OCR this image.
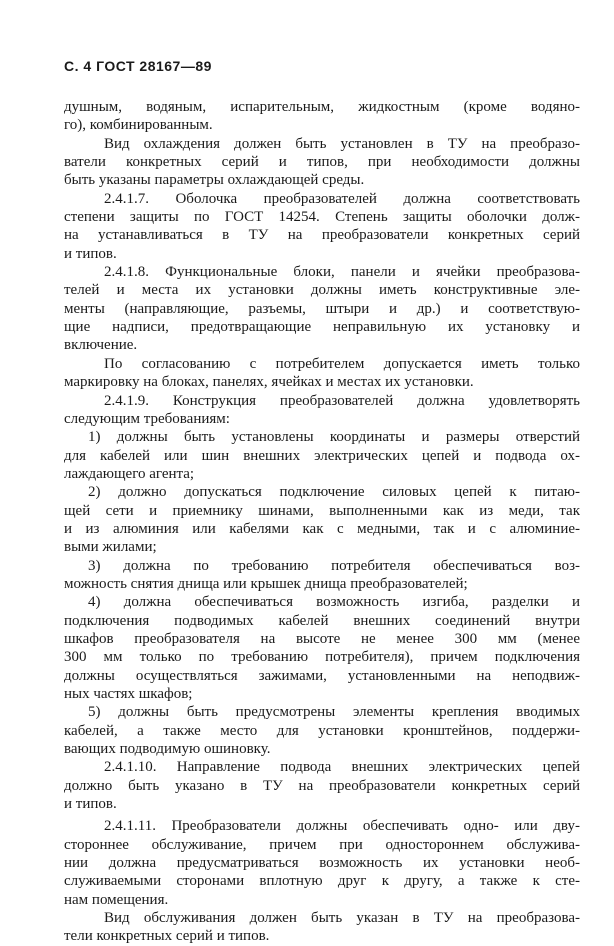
С. 4 ГОСТ 28167—89
душным, водяным, испарительным, жидкостным (кроме водяно-
го), комбинированным.
Вид охлаждения должен быть установлен в ТУ на преобразо-
ватели конкретных серий и типов, при необходимости должны
быть указаны параметры охлаждающей среды.
2.4.1.7. Оболочка преобразователей должна соответствовать
степени защиты по ГОСТ 14254. Степень защиты оболочки долж-
на устанавливаться в ТУ на преобразователи конкретных серий
и типов.
2.4.1.8. Функциональные блоки, панели и ячейки преобразова-
телей и места их установки должны иметь конструктивные эле-
менты (направляющие, разъемы, штыри и др.) и соответствую-
щие надписи, предотвращающие неправильную их установку и
включение.
По согласованию с потребителем допускается иметь только
маркировку на блоках, панелях, ячейках и местах их установки.
2.4.1.9. Конструкция преобразователей должна удовлетворять
следующим требованиям:
1) должны быть установлены координаты и размеры отверстий
для кабелей или шин внешних электрических цепей и подвода ох-
лаждающего агента;
2) должно допускаться подключение силовых цепей к питаю-
щей сети и приемнику шинами, выполненными как из меди, так
и из алюминия или кабелями как с медными, так и с алюминие-
выми жилами;
3) должна по требованию потребителя обеспечиваться воз-
можность снятия днища или крышек днища преобразователей;
4) должна обеспечиваться возможность изгиба, разделки и
подключения подводимых кабелей внешних соединений внутри
шкафов преобразователя на высоте не менее 300 мм (менее
300 мм только по требованию потребителя), причем подключения
должны осуществляться зажимами, установленными на неподвиж-
ных частях шкафов;
5) должны быть предусмотрены элементы крепления вводимых
кабелей, а также место для установки кронштейнов, поддержи-
вающих подводимую ошиновку.
2.4.1.10. Направление подвода внешних электрических цепей
должно быть указано в ТУ на преобразователи конкретных серий
и типов.
2.4.1.11. Преобразователи должны обеспечивать одно- или дву-
стороннее обслуживание, причем при одностороннем обслужива-
нии должна предусматриваться возможность их установки необ-
служиваемыми сторонами вплотную друг к другу, а также к сте-
нам помещения.
Вид обслуживания должен быть указан в ТУ на преобразова-
тели конкретных серий и типов.
